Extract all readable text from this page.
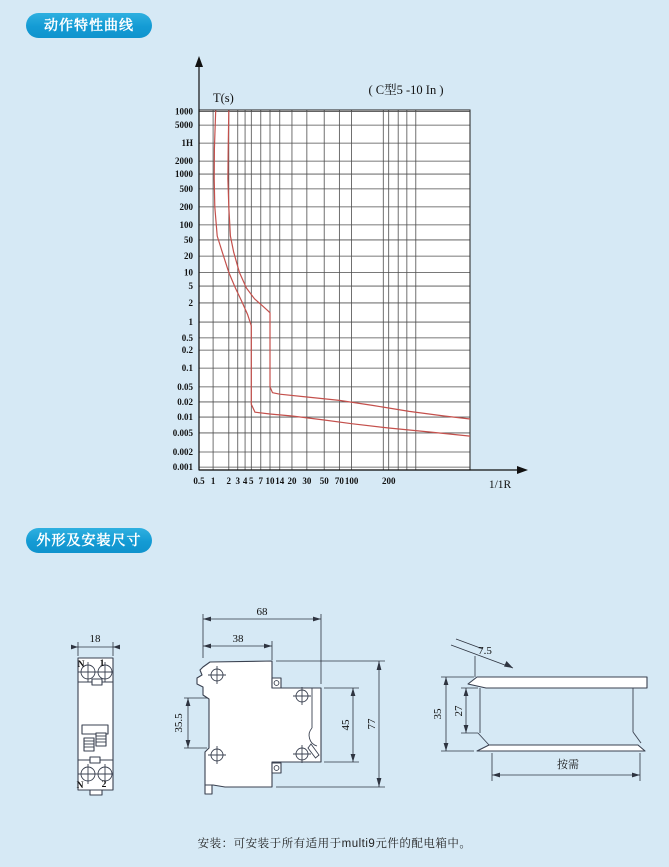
动作特性曲线
1000
5000
1H
2000
1000
500
200
100
50
20
10
5
2
1
0.5
0.2
0.1
0.05
0.02
0.01
0.005
0.002
0.001
0.5 1 2 3 4 5 7 10 14 20 30 50 70 100	200
T(s)
( C型5 -10 In )
1/1R
外形及安装尺寸
18
N 1
N 2
68
38
35.5	45 77
7.5
35 27
按需
安装：可安装于所有适用于multi9元件的配电箱中。
